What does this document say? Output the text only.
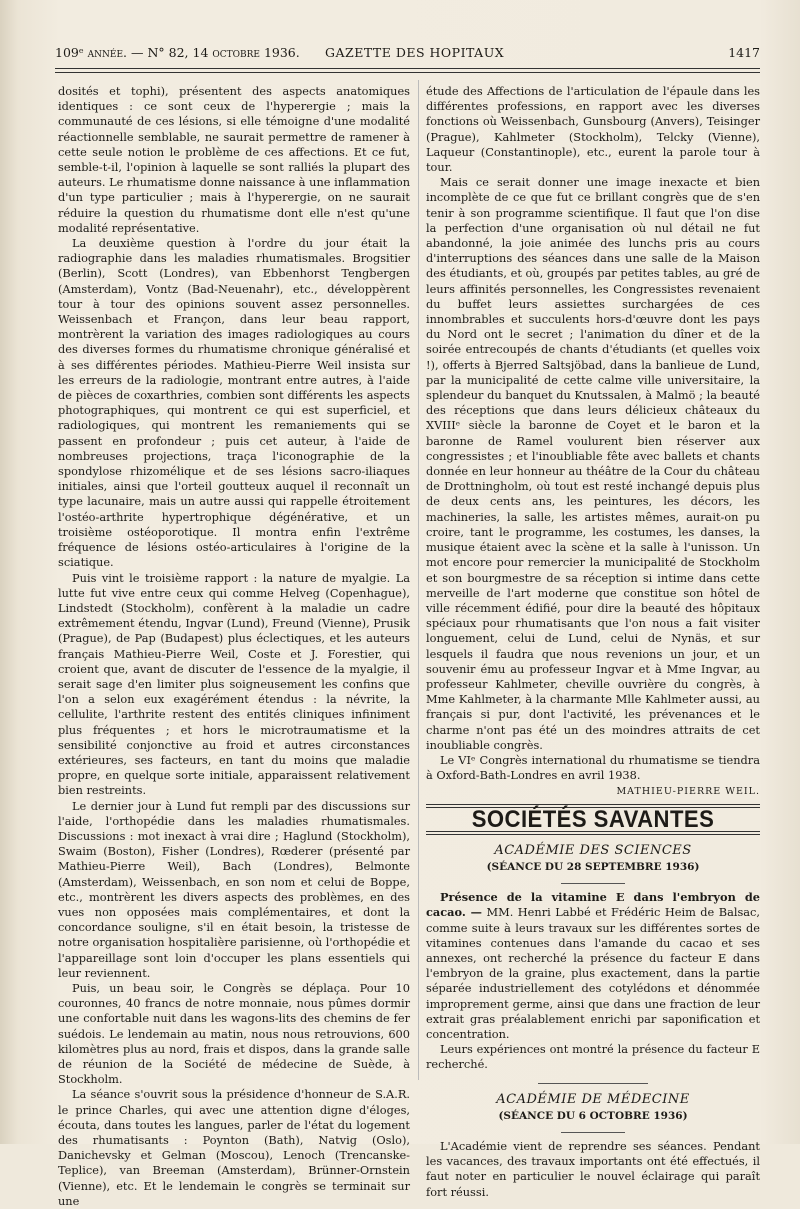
109ᵉ année. — N° 82, 14 octobre 1936. GAZETTE DES HOPITAUX	1417

dosités et tophi), présentent des aspects anatomiques identiques : ce sont ceux de l'hyperergie ; mais la communauté de ces lésions, si elle témoigne d'une modalité réactionnelle semblable, ne saurait permettre de ramener à cette seule notion le problème de ces affections. Et ce fut, semble-t-il, l'opinion à laquelle se sont ralliés la plupart des auteurs. Le rhumatisme donne naissance à une inflammation d'un type particulier ; mais à l'hyperergie, on ne saurait réduire la question du rhumatisme dont elle n'est qu'une modalité représentative.

La deuxième question à l'ordre du jour était la radiographie dans les maladies rhumatismales. Brogsitier (Berlin), Scott (Londres), van Ebbenhorst Tengbergen (Amsterdam), Vontz (Bad-Neuenahr), etc., développèrent tour à tour des opinions souvent assez personnelles. Weissenbach et Françon, dans leur beau rapport, montrèrent la variation des images radiologiques au cours des diverses formes du rhumatisme chronique généralisé et à ses différentes périodes. Mathieu-Pierre Weil insista sur les erreurs de la radiologie, montrant entre autres, à l'aide de pièces de coxarthries, combien sont différents les aspects photographiques, qui montrent ce qui est superficiel, et radiologiques, qui montrent les remaniements qui se passent en profondeur ; puis cet auteur, à l'aide de nombreuses projections, traça l'iconographie de la spondylose rhizomélique et de ses lésions sacro-iliaques initiales, ainsi que l'orteil goutteux auquel il reconnaît un type lacunaire, mais un autre aussi qui rappelle étroitement l'ostéo-arthrite hypertrophique dégénérative, et un troisième ostéoporotique. Il montra enfin l'extrême fréquence de lésions ostéo-articulaires à l'origine de la sciatique.

Puis vint le troisième rapport : la nature de myalgie. La lutte fut vive entre ceux qui comme Helveg (Copenhague), Lindstedt (Stockholm), confèrent à la maladie un cadre extrêmement étendu, Ingvar (Lund), Freund (Vienne), Prusik (Prague), de Pap (Budapest) plus éclectiques, et les auteurs français Mathieu-Pierre Weil, Coste et J. Forestier, qui croient que, avant de discuter de l'essence de la myalgie, il serait sage d'en limiter plus soigneusement les confins que l'on a selon eux exagérément étendus : la névrite, la cellulite, l'arthrite restent des entités cliniques infiniment plus fréquentes ; et hors le microtraumatisme et la sensibilité conjonctive au froid et autres circonstances extérieures, ses facteurs, en tant du moins que maladie propre, en quelque sorte initiale, apparaissent relativement bien restreints.

Le dernier jour à Lund fut rempli par des discussions sur l'aide, l'orthopédie dans les maladies rhumatismales. Discussions : mot inexact à vrai dire ; Haglund (Stockholm), Swaim (Boston), Fisher (Londres), Rœderer (présenté par Mathieu-Pierre Weil), Bach (Londres), Belmonte (Amsterdam), Weissenbach, en son nom et celui de Boppe, etc., montrèrent les divers aspects des problèmes, en des vues non opposées mais complémentaires, et dont la concordance souligne, s'il en était besoin, la tristesse de notre organisation hospitalière parisienne, où l'orthopédie et l'appareillage sont loin d'occuper les plans essentiels qui leur reviennent.

Puis, un beau soir, le Congrès se déplaça. Pour 10 couronnes, 40 francs de notre monnaie, nous pûmes dormir une confortable nuit dans les wagons-lits des chemins de fer suédois. Le lendemain au matin, nous nous retrouvions, 600 kilomètres plus au nord, frais et dispos, dans la grande salle de réunion de la Société de médecine de Suède, à Stockholm.

La séance s'ouvrit sous la présidence d'honneur de S.A.R. le prince Charles, qui avec une attention digne d'éloges, écouta, dans toutes les langues, parler de l'état du logement des rhumatisants : Poynton (Bath), Natvig (Oslo), Danichevsky et Gelman (Moscou), Lenoch (Trencanske-Teplice), van Breeman (Amsterdam), Brünner-Ornstein (Vienne), etc. Et le lendemain le congrès se terminait sur une

étude des Affections de l'articulation de l'épaule dans les différentes professions, en rapport avec les diverses fonctions où Weissenbach, Gunsbourg (Anvers), Teisinger (Prague), Kahlmeter (Stockholm), Telcky (Vienne), Laqueur (Constantinople), etc., eurent la parole tour à tour.

Mais ce serait donner une image inexacte et bien incomplète de ce que fut ce brillant congrès que de s'en tenir à son programme scientifique. Il faut que l'on dise la perfection d'une organisation où nul détail ne fut abandonné, la joie animée des lunchs pris au cours d'interruptions des séances dans une salle de la Maison des étudiants, et où, groupés par petites tables, au gré de leurs affinités personnelles, les Congressistes revenaient du buffet leurs assiettes surchargées de ces innombrables et succulents hors-d'œuvre dont les pays du Nord ont le secret ; l'animation du dîner et de la soirée entrecoupés de chants d'étudiants (et quelles voix !), offerts à Bjerred Saltsjöbad, dans la banlieue de Lund, par la municipalité de cette calme ville universitaire, la splendeur du banquet du Knutssalen, à Malmö ; la beauté des réceptions que dans leurs délicieux châteaux du XVIIIᵉ siècle la baronne de Coyet et le baron et la baronne de Ramel voulurent bien réserver aux congressistes ; et l'inoubliable fête avec ballets et chants donnée en leur honneur au théâtre de la Cour du château de Drottningholm, où tout est resté inchangé depuis plus de deux cents ans, les peintures, les décors, les machineries, la salle, les artistes mêmes, aurait-on pu croire, tant le programme, les costumes, les danses, la musique étaient avec la scène et la salle à l'unisson. Un mot encore pour remercier la municipalité de Stockholm et son bourgmestre de sa réception si intime dans cette merveille de l'art moderne que constitue son hôtel de ville récemment édifié, pour dire la beauté des hôpitaux spéciaux pour rhumatisants que l'on nous a fait visiter longuement, celui de Lund, celui de Nynäs, et sur lesquels il faudra que nous revenions un jour, et un souvenir ému au professeur Ingvar et à Mme Ingvar, au professeur Kahlmeter, cheville ouvrière du congrès, à Mme Kahlmeter, à la charmante Mlle Kahlmeter aussi, au français si pur, dont l'activité, les prévenances et le charme n'ont pas été un des moindres attraits de cet inoubliable congrès.

Le VIᵉ Congrès international du rhumatisme se tiendra à Oxford-Bath-Londres en avril 1938.

MATHIEU-PIERRE WEIL.
SOCIÉTÉS SAVANTES
ACADÉMIE DES SCIENCES
(SÉANCE DU 28 SEPTEMBRE 1936)

Présence de la vitamine E dans l'embryon de cacao. — MM. Henri Labbé et Frédéric Heim de Balsac, comme suite à leurs travaux sur les différentes sortes de vitamines contenues dans l'amande du cacao et ses annexes, ont recherché la présence du facteur E dans l'embryon de la graine, plus exactement, dans la partie séparée industriellement des cotylédons et dénommée improprement germe, ainsi que dans une fraction de leur extrait gras préalablement enrichi par saponification et concentration.

Leurs expériences ont montré la présence du facteur E recherché.

ACADÉMIE DE MÉDECINE
(SÉANCE DU 6 OCTOBRE 1936)

L'Académie vient de reprendre ses séances. Pendant les vacances, des travaux importants ont été effectués, il faut noter en particulier le nouvel éclairage qui paraît fort réussi.
